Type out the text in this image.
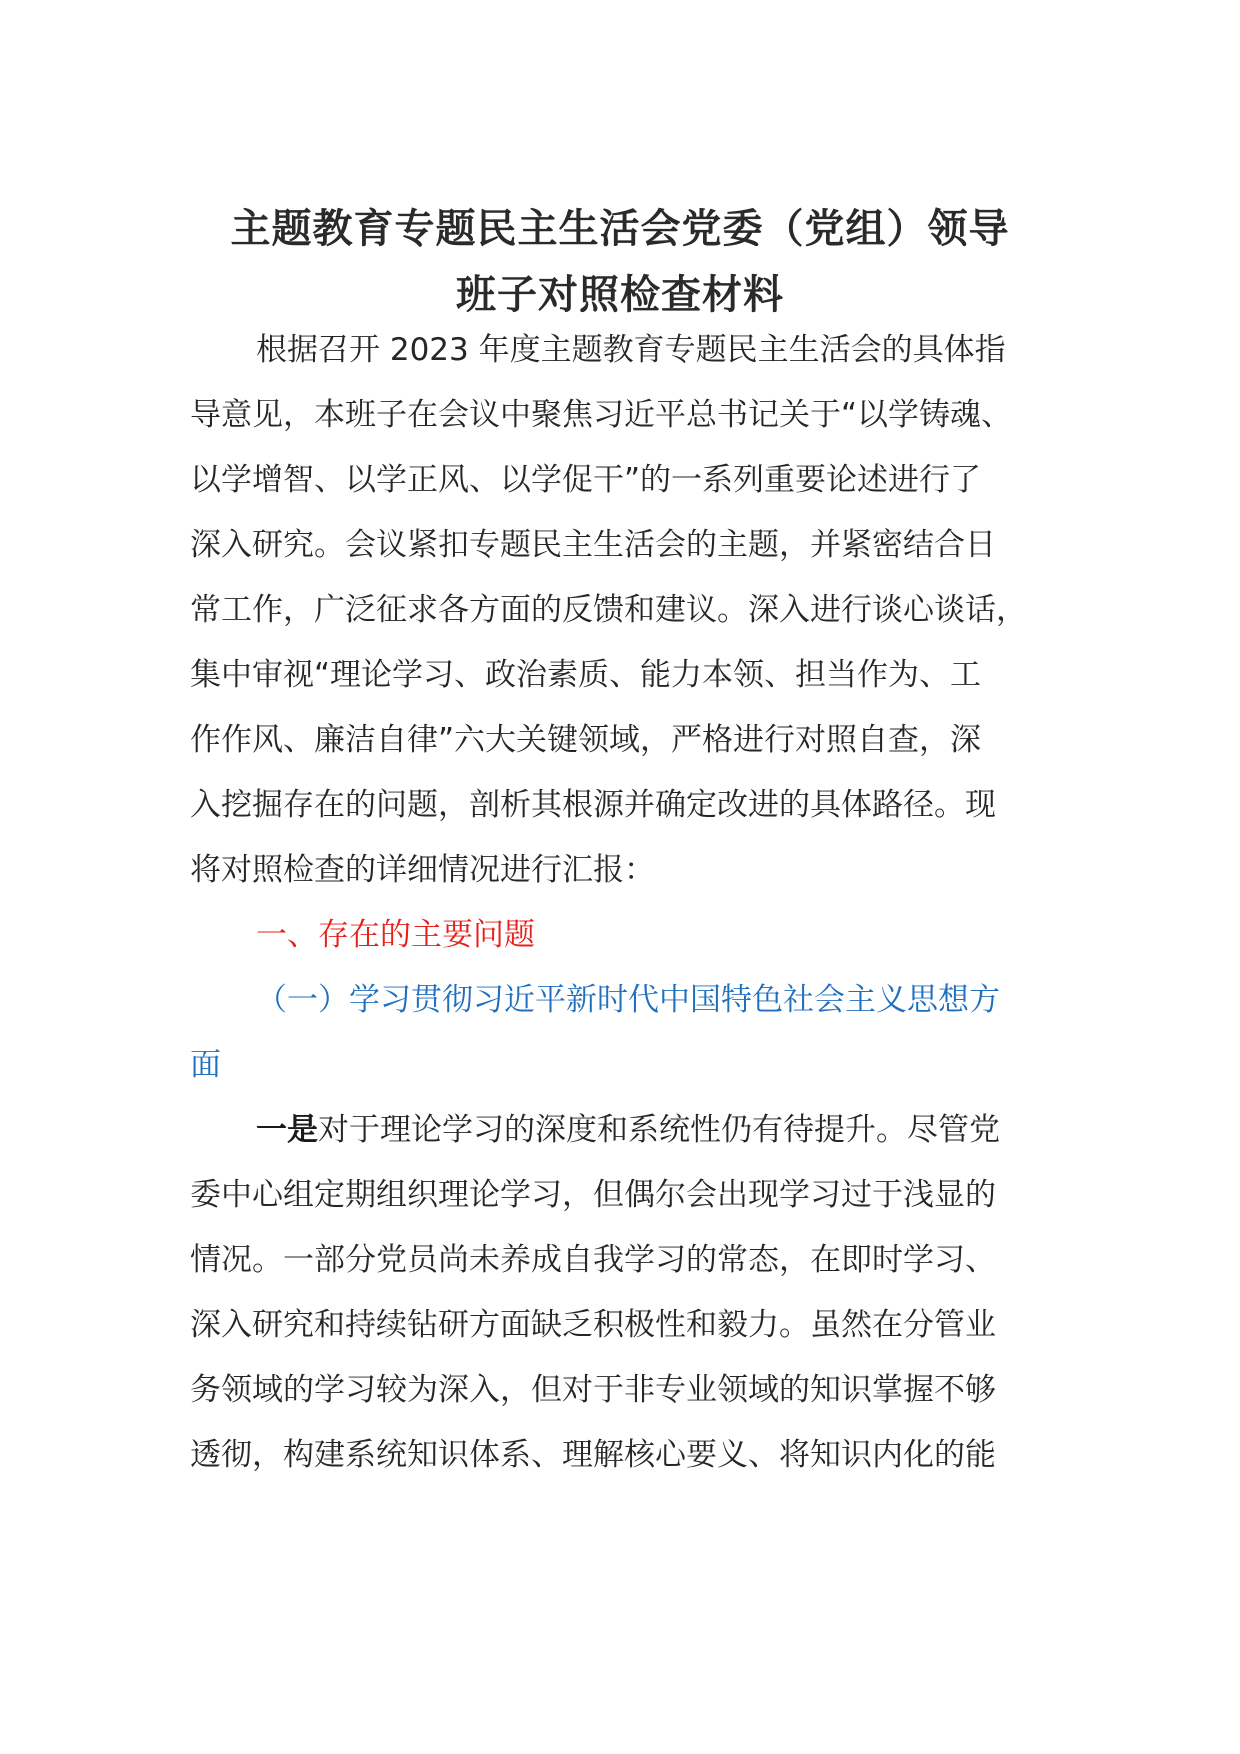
主题教育专题民主生活会党委（党组）领导
班子对照检查材料
根据召开 2023 年度主题教育专题民主生活会的具体指
导意见，本班子在会议中聚焦习近平总书记关于“以学铸魂、
以学增智、以学正风、以学促干”的一系列重要论述进行了
深入研究。会议紧扣专题民主生活会的主题，并紧密结合日
常工作，广泛征求各方面的反馈和建议。深入进行谈心谈话，
集中审视“理论学习、政治素质、能力本领、担当作为、工
作作风、廉洁自律”六大关键领域，严格进行对照自查，深
入挖掘存在的问题，剖析其根源并确定改进的具体路径。现
将对照检查的详细情况进行汇报：
一、存在的主要问题
（一）学习贯彻习近平新时代中国特色社会主义思想方
面
一是对于理论学习的深度和系统性仍有待提升。尽管党
委中心组定期组织理论学习，但偶尔会出现学习过于浅显的
情况。一部分党员尚未养成自我学习的常态，在即时学习、
深入研究和持续钻研方面缺乏积极性和毅力。虽然在分管业
务领域的学习较为深入，但对于非专业领域的知识掌握不够
透彻，构建系统知识体系、理解核心要义、将知识内化的能
